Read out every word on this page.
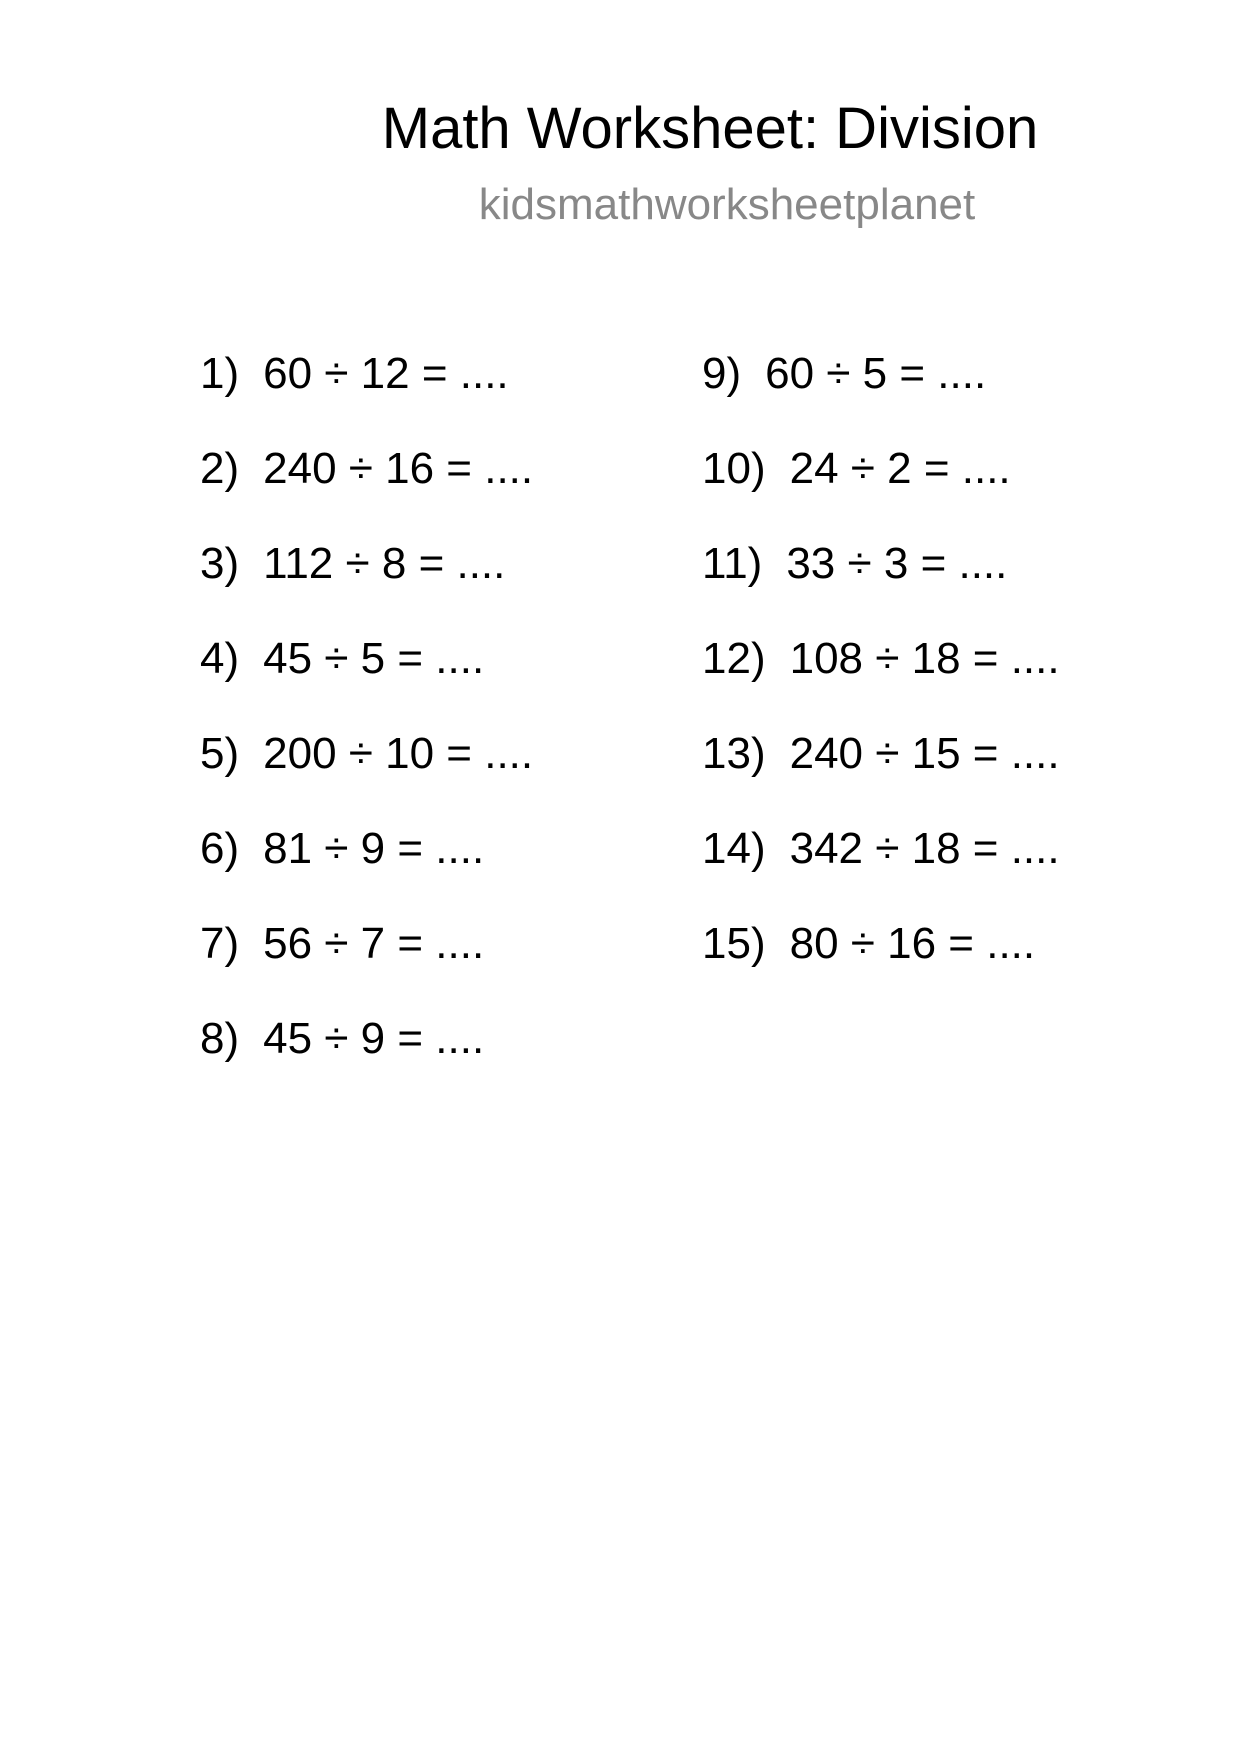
Math Worksheet: Division
kidsmathworksheetplanet
1) 60 ÷ 12 = ....
2) 240 ÷ 16 = ....
3) 112 ÷ 8 = ....
4) 45 ÷ 5 = ....
5) 200 ÷ 10 = ....
6) 81 ÷ 9 = ....
7) 56 ÷ 7 = ....
8) 45 ÷ 9 = ....
9) 60 ÷ 5 = ....
10) 24 ÷ 2 = ....
11) 33 ÷ 3 = ....
12) 108 ÷ 18 = ....
13) 240 ÷ 15 = ....
14) 342 ÷ 18 = ....
15) 80 ÷ 16 = ....
